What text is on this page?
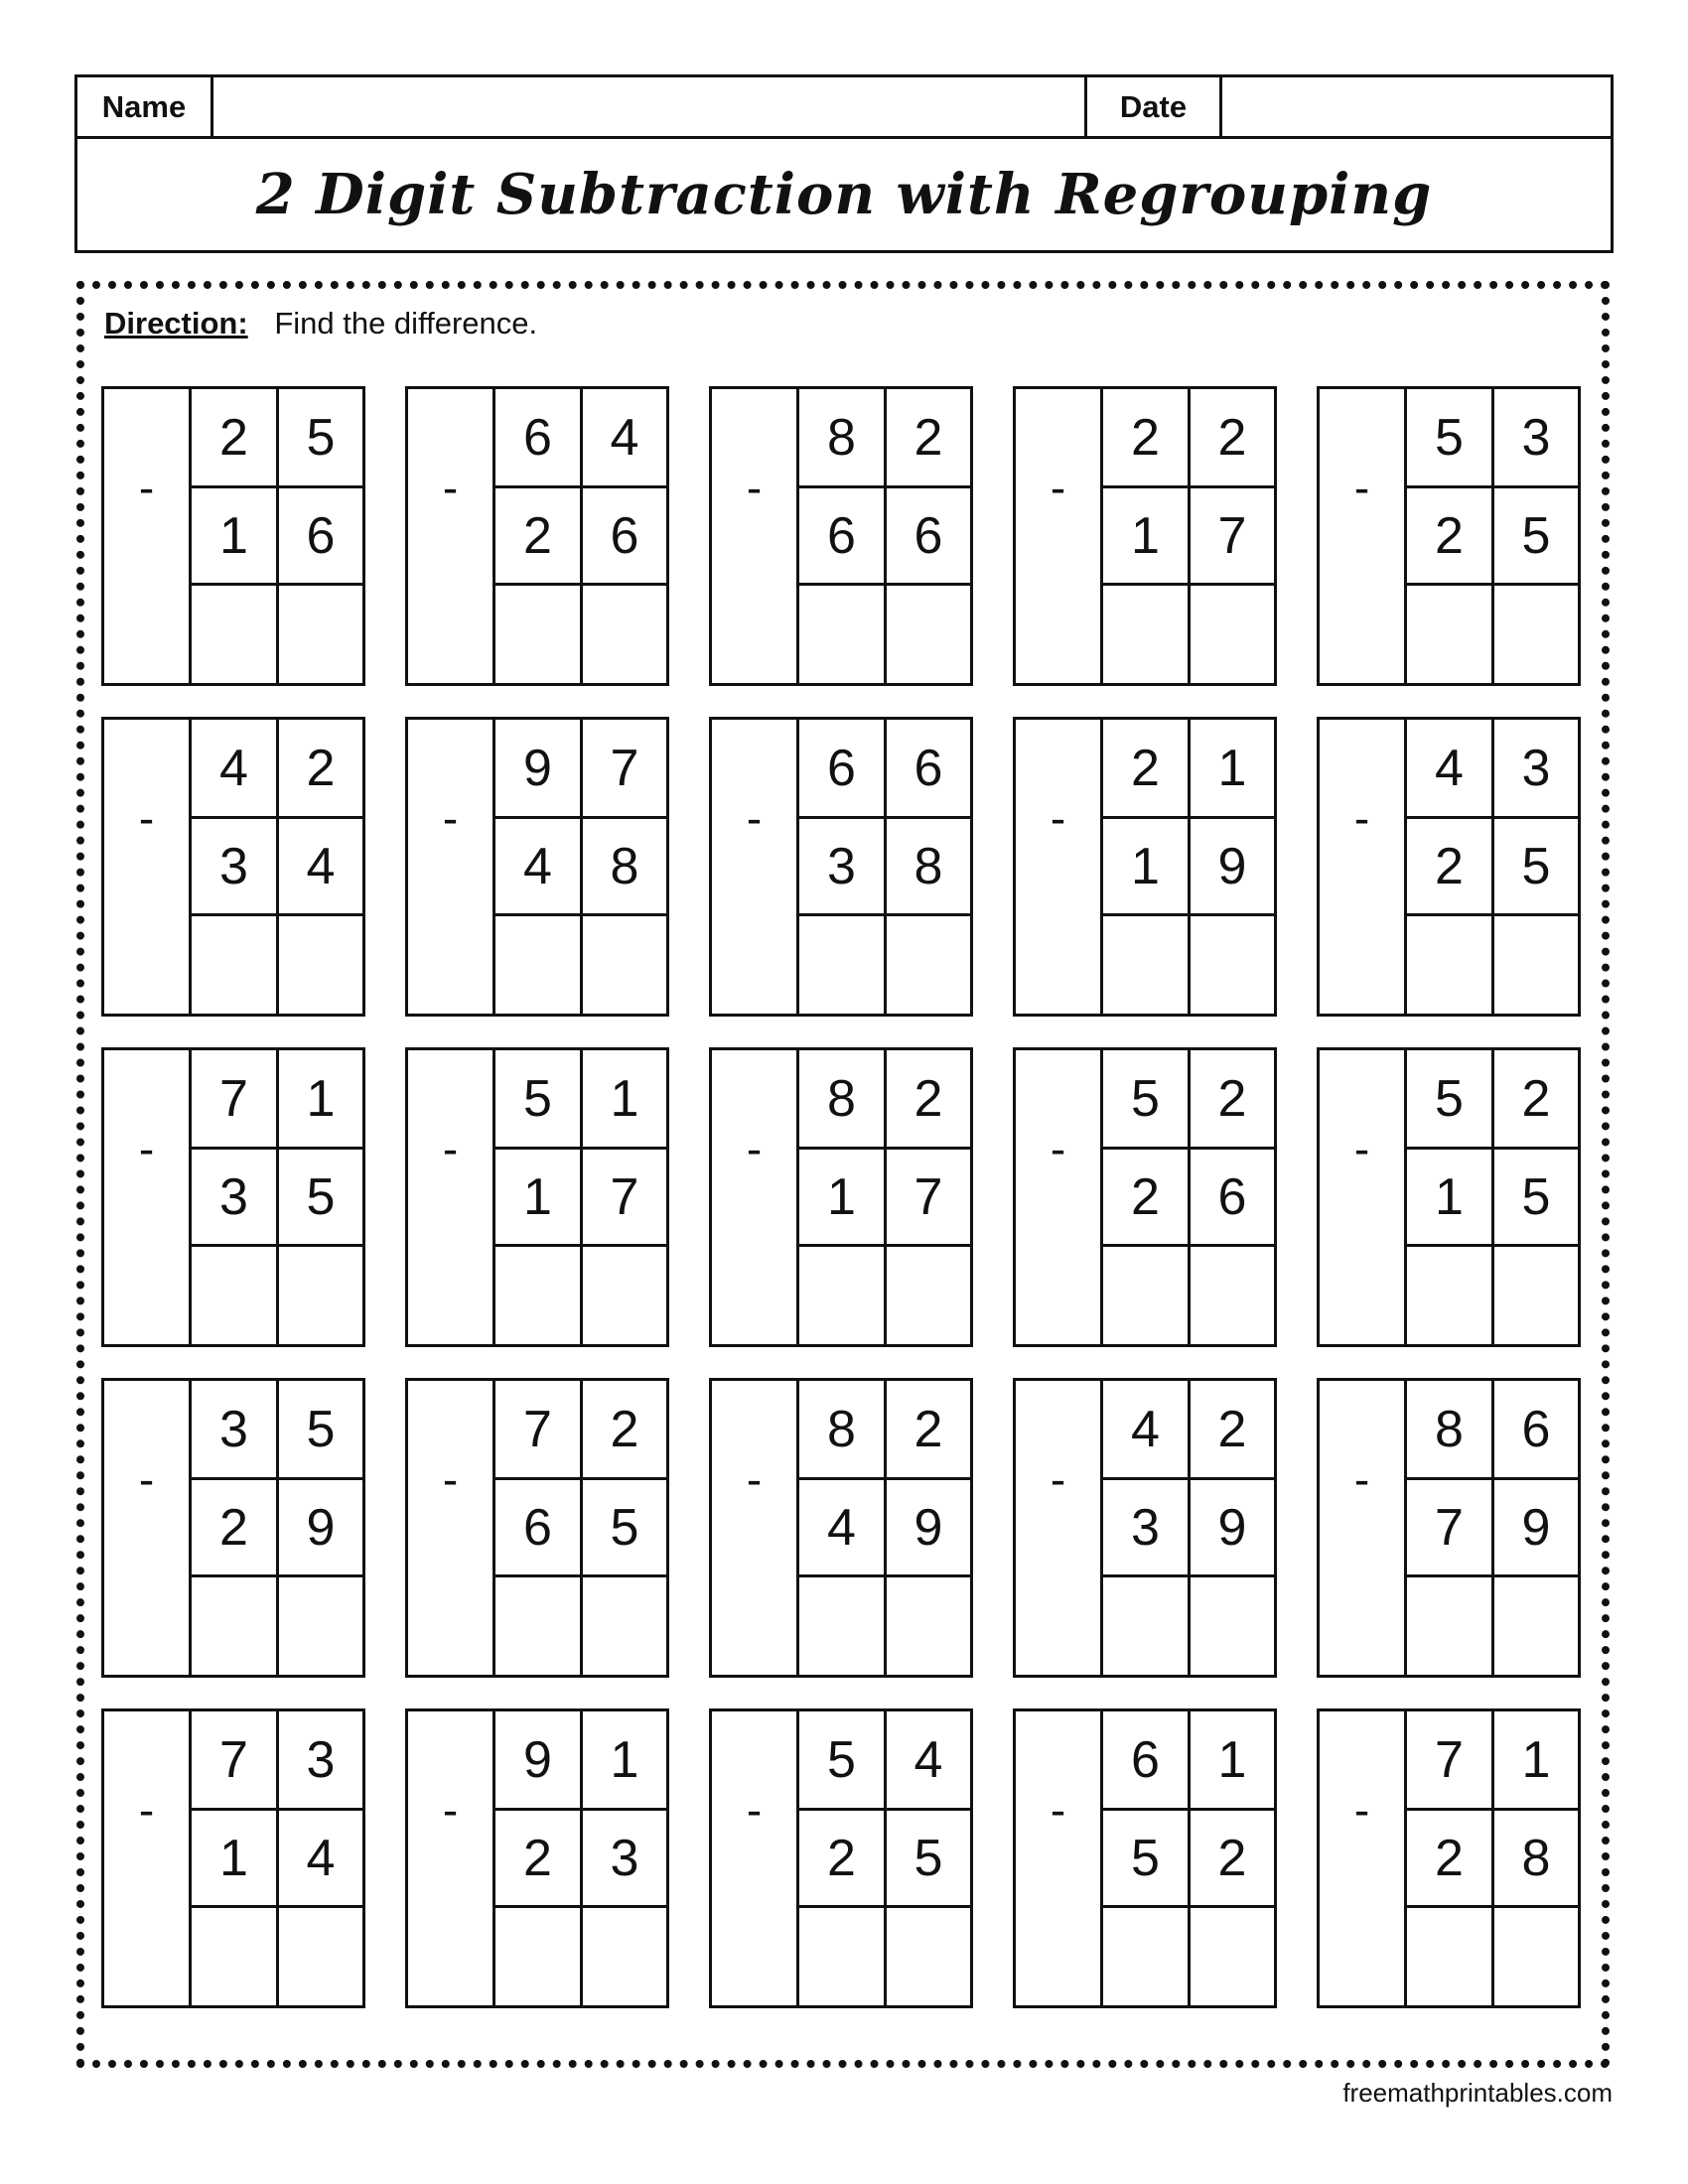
Name	Date
2 Digit Subtraction with Regrouping
Direction: Find the difference.
-
2	5
1	6
-
6	4
2	6
-
8	2
6	6
-
2	2
1	7
-
5	3
2	5
-
4	2
3	4
-
9	7
4	8
-
6	6
3	8
-
2	1
1	9
-
4	3
2	5
-
7	1
3	5
-
5	1
1	7
-
8	2
1	7
-
5	2
2	6
-
5	2
1	5
-
3	5
2	9
-
7	2
6	5
-
8	2
4	9
-
4	2
3	9
-
8	6
7	9
-
7	3
1	4
-
9	1
2	3
-
5	4
2	5
-
6	1
5	2
-
7	1
2	8
freemathprintables.com
